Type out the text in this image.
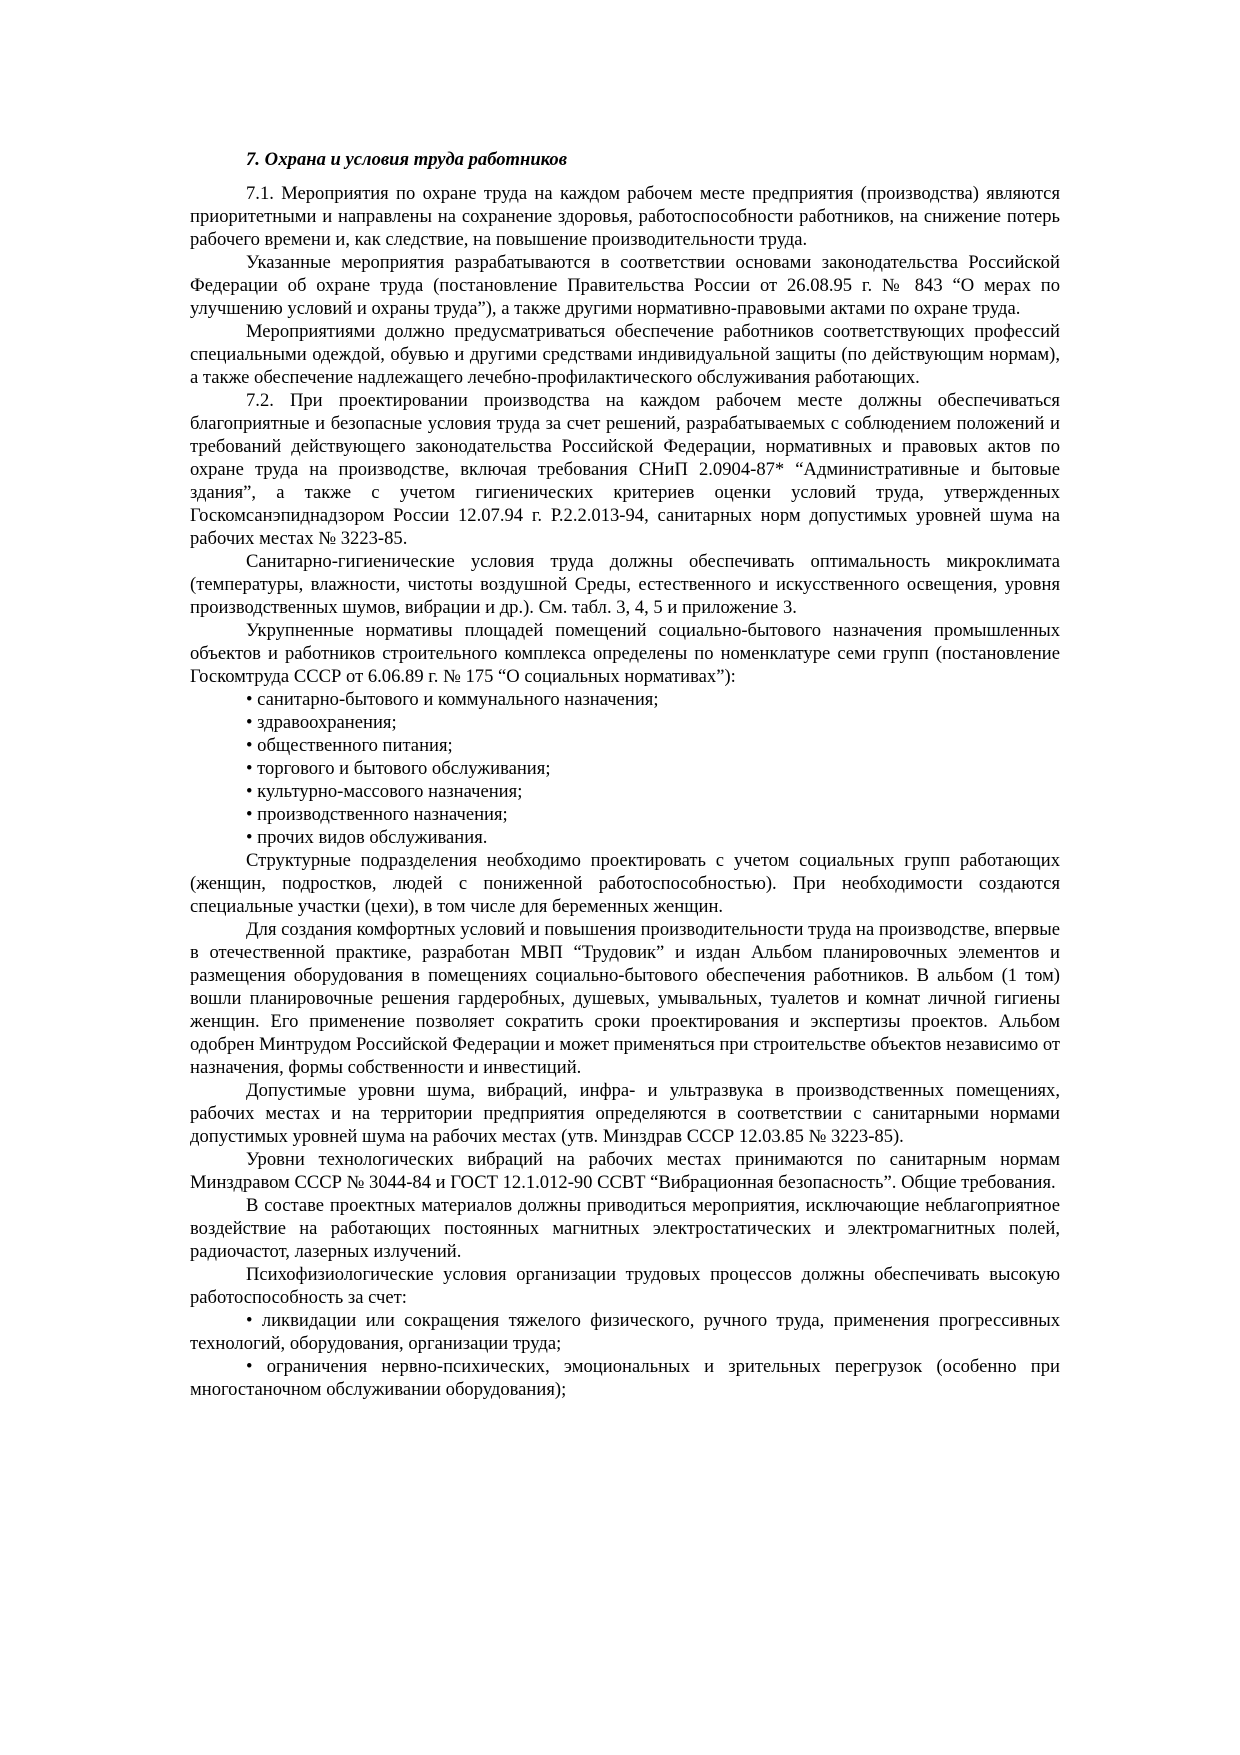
7. Охрана и условия труда работников

7.1. Мероприятия по охране труда на каждом рабочем месте предприятия (производства) являются приоритетными и направлены на сохранение здоровья, работоспособности работников, на снижение потерь рабочего времени и, как следствие, на повышение производительности труда.

Указанные мероприятия разрабатываются в соответствии основами законодательства Российской Федерации об охране труда (постановление Правительства России от 26.08.95 г. № 843 “О мерах по улучшению условий и охраны труда”), а также другими нормативно-правовыми актами по охране труда.

Мероприятиями должно предусматриваться обеспечение работников соответствующих профессий специальными одеждой, обувью и другими средствами индивидуальной защиты (по действующим нормам), а также обеспечение надлежащего лечебно-профилактического обслуживания работающих.

7.2. При проектировании производства на каждом рабочем месте должны обеспечиваться благоприятные и безопасные условия труда за счет решений, разрабатываемых с соблюдением положений и требований действующего законодательства Российской Федерации, нормативных и правовых актов по охране труда на производстве, включая требования СНиП 2.0904-87* “Административные и бытовые здания”, а также с учетом гигиенических критериев оценки условий труда, утвержденных Госкомсанэпиднадзором России 12.07.94 г. Р.2.2.013-94, санитарных норм допустимых уровней шума на рабочих местах № 3223-85.

Санитарно-гигиенические условия труда должны обеспечивать оптимальность микроклимата (температуры, влажности, чистоты воздушной Среды, естественного и искусственного освещения, уровня производственных шумов, вибрации и др.). См. табл. 3, 4, 5 и приложение 3.

Укрупненные нормативы площадей помещений социально-бытового назначения промышленных объектов и работников строительного комплекса определены по номенклатуре семи групп (постановление Госкомтруда СССР от 6.06.89 г. № 175 “О социальных нормативах”):

• санитарно-бытового и коммунального назначения;

• здравоохранения;

• общественного питания;

• торгового и бытового обслуживания;

• культурно-массового назначения;

• производственного назначения;

• прочих видов обслуживания.

Структурные подразделения необходимо проектировать с учетом социальных групп работающих (женщин, подростков, людей с пониженной работоспособностью). При необходимости создаются специальные участки (цехи), в том числе для беременных женщин.

Для создания комфортных условий и повышения производительности труда на производстве, впервые в отечественной практике, разработан МВП “Трудовик” и издан Альбом планировочных элементов и размещения оборудования в помещениях социально-бытового обеспечения работников. В альбом (1 том) вошли планировочные решения гардеробных, душевых, умывальных, туалетов и комнат личной гигиены женщин. Его применение позволяет сократить сроки проектирования и экспертизы проектов. Альбом одобрен Минтрудом Российской Федерации и может применяться при строительстве объектов независимо от назначения, формы собственности и инвестиций.

Допустимые уровни шума, вибраций, инфра- и ультразвука в производственных помещениях, рабочих местах и на территории предприятия определяются в соответствии с санитарными нормами допустимых уровней шума на рабочих местах (утв. Минздрав СССР 12.03.85 № 3223-85).

Уровни технологических вибраций на рабочих местах принимаются по санитарным нормам Минздравом СССР № 3044-84 и ГОСТ 12.1.012-90 ССВТ “Вибрационная безопасность”. Общие требования.

В составе проектных материалов должны приводиться мероприятия, исключающие неблагоприятное воздействие на работающих постоянных магнитных электростатических и электромагнитных полей, радиочастот, лазерных излучений.

Психофизиологические условия организации трудовых процессов должны обеспечивать высокую работоспособность за счет:

• ликвидации или сокращения тяжелого физического, ручного труда, применения прогрессивных технологий, оборудования, организации труда;

• ограничения нервно-психических, эмоциональных и зрительных перегрузок (особенно при многостаночном обслуживании оборудования);
